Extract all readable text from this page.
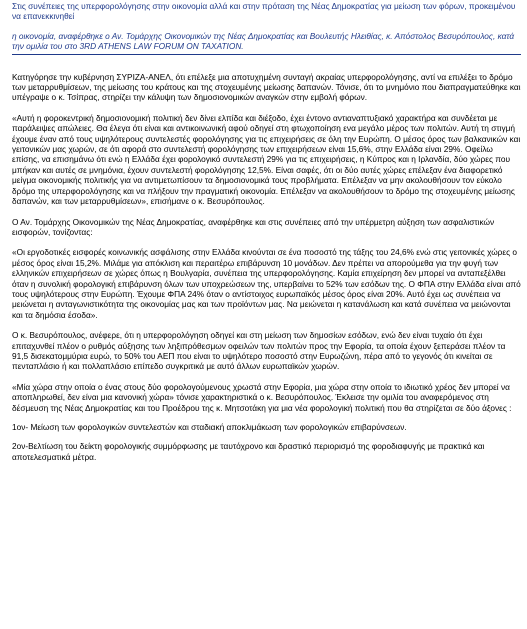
Στις συνέπειες της υπερφορολόγησης στην οικονομία αλλά και στην πρόταση της Νέας Δημοκρατίας για μείωση των φόρων, προκειμένου να επανεκκινηθεί

η οικονομία, αναφέρθηκε ο Αν. Τομάρχης Οικονομικών της Νέας Δημοκρατίας και Βουλευτής Ηλειθίας, κ. Απόστολος Βεσυρόπουλος, κατά την ομιλία του στο 3RD ATHENS LAW FORUM ON TAXATION.

Κατηγόρησε την κυβέρνηση ΣΥΡΙΖΑ-ΑΝΕΛ, ότι επέλεξε μια αποτυχημένη συνταγή ακραίας υπερφορολόγησης, αντί να επιλέξει το δρόμο των μεταρρυθμίσεων, της μείωσης του κράτους και της στοχευμένης μείωσης δαπανών. Τόνισε, ότι το μνημόνιο που διαπραγματεύθηκε και υπέγραψε ο κ. Τσίπρας, στηρίζει την κάλυψη των δημοσιονομικών αναγκών στην εμβολή φόρων.

«Αυτή η φοροκεντρική δημοσιονομική πολιτική δεν δίνει ελπίδα και διέξοδο, έχει έντονο αντιαναπτυξιακό χαρακτήρα και συνδέεται με παράλειψες απώλειες. Θα έλεγα ότι είναι και αντικοινωνική αφού οδηγεί στη φτωχοποίηση ενα μεγάλο μέρος των πολιτών. Αυτή τη στιγμή έχουμε έναν από τους υψηλότερους συντελεστές φορολόγησης για τις επιχειρήσεις σε όλη την Ευρώπη. Ο μέσος όρος των βαλκανικών και γειτονικών μας χωρών, σε ότι αφορά στο συντελεστή φορολόγησης των επιχειρήσεων είναι 15,6%, στην Ελλάδα είναι 29%. Οφείλω επίσης, να επισημάνω ότι ενώ η Ελλάδα έχει φορολογικό συντελεστή 29% για τις επιχειρήσεις, η Κύπρος και η Ιρλανδία, δύο χώρες που μπήκαν και αυτές σε μνημόνια, έχουν συντελεστή φορολόγησης 12,5%. Είναι σαφές, ότι οι δύο αυτές χώρες επέλεξαν ένα διαφορετικό μείγμα οικονομικής πολιτικής για να αντιμετωπίσουν τα δημοσιονομικά τους προβλήματα. Επέλεξαν να μην ακολουθήσουν τον εύκολο δρόμο της υπερφορολόγησης και να πλήξουν την πραγματική οικονομία. Επέλεξαν να ακολουθήσουν το δρόμο της στοχευμένης μείωσης δαπανών, και των μεταρρυθμίσεων», επισήμανε ο κ. Βεσυρόπουλος.

Ο Αν. Τομάρχης Οικονομικών της Νέας Δημοκρατίας, αναφέρθηκε και στις συνέπειες από την υπέρμετρη αύξηση των ασφαλιστικών εισφορών, τονίζοντας:

«Οι εργοδοτικές εισφορές κοινωνικής ασφάλισης στην Ελλάδα κινούνται σε ένα ποσοστό της τάξης του 24,6% ενώ στις γειτονικές χώρες ο μέσος όρος είναι 15,2%. Μιλάμε για απόκλιση και περαιτέρω επιβάρυνση 10 μονάδων. Δεν πρέπει να απορούμεθα για την φυγή των ελληνικών επιχειρήσεων σε χώρες όπως η Βουλγαρία, συνέπεια της υπερφορολόγησης. Καμία επιχείρηση δεν μπορεί να ανταπεξέλθει όταν η συνολική φορολογική επιβάρυνση όλων των υποχρεώσεων της, υπερβαίνει το 52% των εσόδων της. Ο ΦΠΑ στην Ελλάδα είναι από τους υψηλότερους στην Ευρώπη. Έχουμε ΦΠΑ 24% όταν ο αντίστοιχος ευρωπαϊκός μέσος όρος είναι 20%. Αυτό έχει ως συνέπεια να μειώνεται η ανταγωνιστικότητα της οικονομίας μας και των προϊόντων μας. Να μειώνεται η κατανάλωση και κατά συνέπεια να μειώνονται και τα δημόσια έσοδα».

Ο κ. Βεσυρόπουλος, ανέφερε, ότι η υπερφορολόγηση οδηγεί και στη μείωση των δημοσίων εσόδων, ενώ δεν είναι τυχαίο ότι έχει επιταχυνθεί πλέον ο ρυθμός αύξησης των ληξιπρόθεσμων οφειλών των πολιτών προς την Εφορία, τα οποία έχουν ξεπεράσει πλέον τα 91,5 δισεκατομμύρια ευρώ, το 50% του ΑΕΠ που είναι το υψηλότερο ποσοστό στην Ευρωζώνη, πέρα από το γεγονός ότι κινείται σε πενταπλάσιο ή και πολλαπλάσιο επίπεδο συγκριτικά με αυτό άλλων ευρωπαϊκών χωρών.

«Μία χώρα στην οποία ο ένας στους δύο φορολογούμενους χρωστά στην Εφορία, μια χώρα στην οποία το ιδιωτικό χρέος δεν μπορεί να αποπληρωθεί, δεν είναι μια κανονική χώρα» τόνισε χαρακτηριστικά ο κ. Βεσυρόπουλος. Έκλεισε την ομιλία του αναφερόμενος στη δέσμευση της Νέας Δημοκρατίας και του Προέδρου της κ. Μητσοτάκη για μια νέα φορολογική πολιτική που θα στηρίζεται σε δύο άξονες :

1ον- Μείωση των φορολογικών συντελεστών και σταδιακή αποκλιμάκωση των φορολογικών επιβαρύνσεων.

2ον-Βελτίωση του δείκτη φορολογικής συμμόρφωσης με ταυτόχρονο και δραστικό περιορισμό της φοροδιαφυγής με πρακτικά και αποτελεσματικά μέτρα.
